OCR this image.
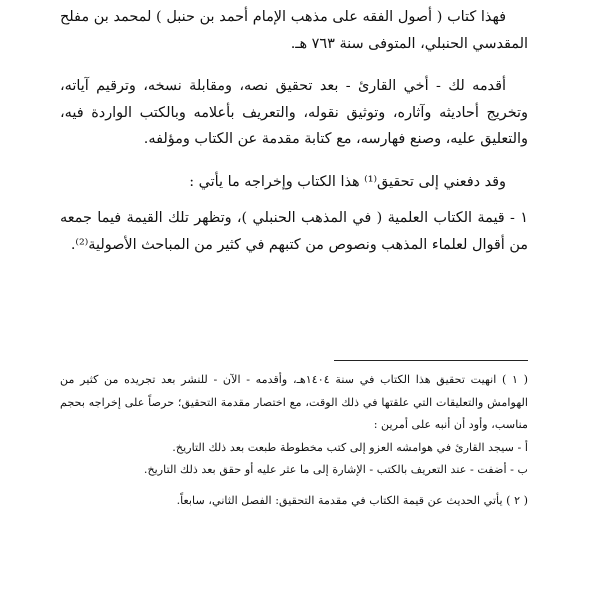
فهذا كتاب ( أصول الفقه على مذهب الإمام أحمد بن حنبل ) لمحمد بن مفلح المقدسي الحنبلي، المتوفى سنة ٧٦٣ هـ.

أقدمه لك - أخي القارئ - بعد تحقيق نصه، ومقابلة نسخه، وترقيم آياته، وتخريج أحاديثه وآثاره، وتوثيق نقوله، والتعريف بأعلامه وبالكتب الواردة فيه، والتعليق عليه، وصنع فهارسه، مع كتابة مقدمة عن الكتاب ومؤلفه.

وقد دفعني إلى تحقيق⁽¹⁾ هذا الكتاب وإخراجه ما يأتي :

١ - قيمة الكتاب العلمية ( في المذهب الحنبلي )، وتظهر تلك القيمة فيما جمعه من أقوال لعلماء المذهب ونصوص من كتبهم في كثير من المباحث الأصولية⁽²⁾.

( ١ ) انهيت تحقيق هذا الكتاب في سنة ١٤٠٤هـ، وأقدمه - الآن - للنشر بعد تجريده من كثير من الهوامش والتعليقات التي علقتها في ذلك الوقت، مع اختصار مقدمة التحقيق؛ حرصاً على إخراجه بحجم مناسب، وأود أن أنبه على أمرين :

أ - سيجد القارئ في هوامشه العزو إلى كتب مخطوطة طبعت بعد ذلك التاريخ.

ب - أضفت - عند التعريف بالكتب - الإشارة إلى ما عثر عليه أو حقق بعد ذلك التاريخ.

( ٢ ) يأتي الحديث عن قيمة الكتاب في مقدمة التحقيق: الفصل الثاني، سابعاً.
